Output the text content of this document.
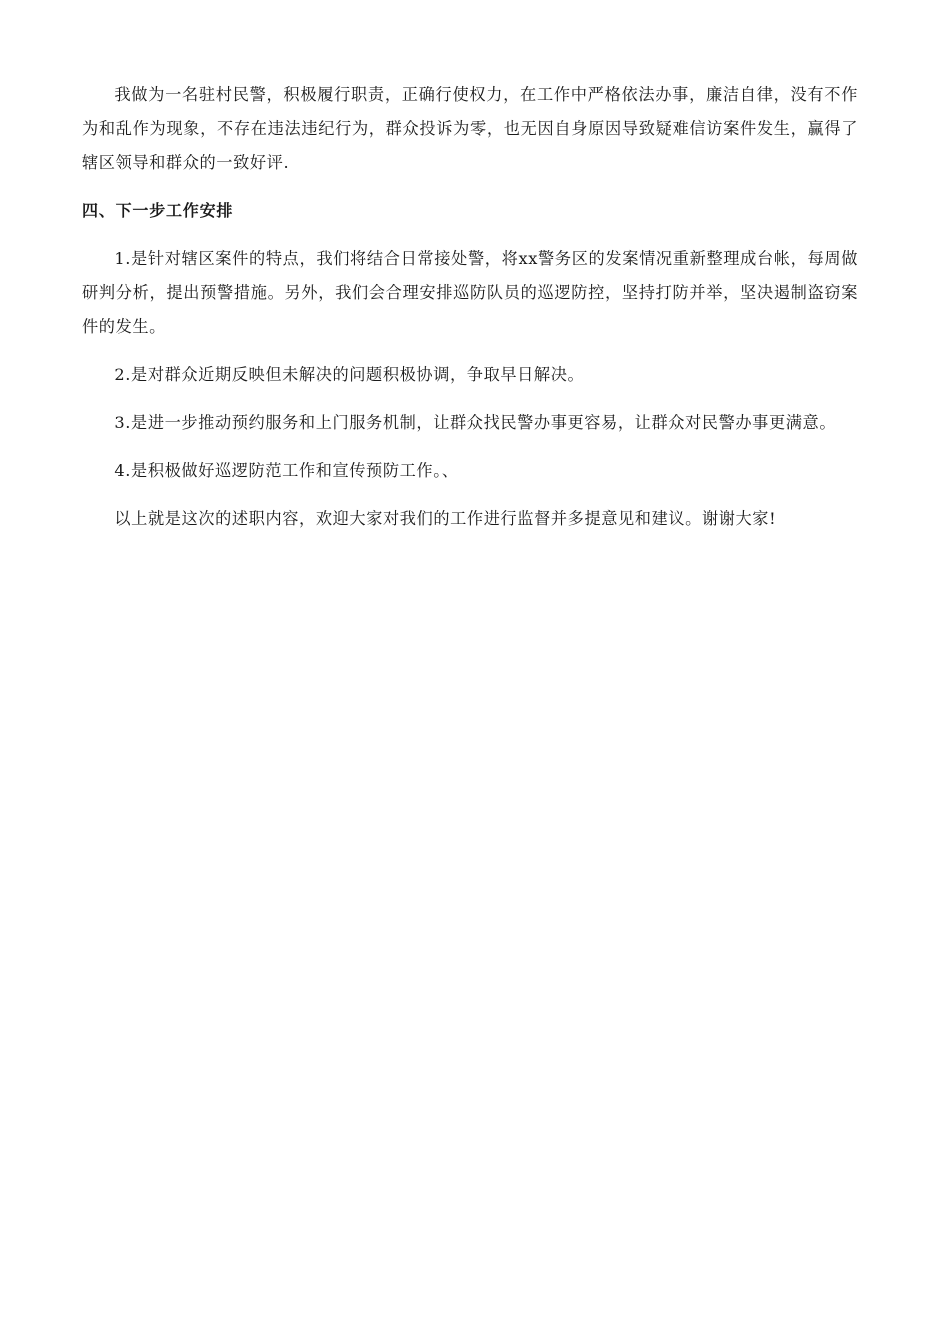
我做为一名驻村民警，积极履行职责，正确行使权力，在工作中严格依法办事，廉洁自律，没有不作为和乱作为现象，不存在违法违纪行为，群众投诉为零，也无因自身原因导致疑难信访案件发生，赢得了辖区领导和群众的一致好评.

四、下一步工作安排

1.是针对辖区案件的特点，我们将结合日常接处警，将xx警务区的发案情况重新整理成台帐，每周做研判分析，提出预警措施。另外，我们会合理安排巡防队员的巡逻防控，坚持打防并举，坚决遏制盗窃案件的发生。

2.是对群众近期反映但未解决的问题积极协调，争取早日解决。

3.是进一步推动预约服务和上门服务机制，让群众找民警办事更容易，让群众对民警办事更满意。

4.是积极做好巡逻防范工作和宣传预防工作。、

以上就是这次的述职内容，欢迎大家对我们的工作进行监督并多提意见和建议。谢谢大家!
